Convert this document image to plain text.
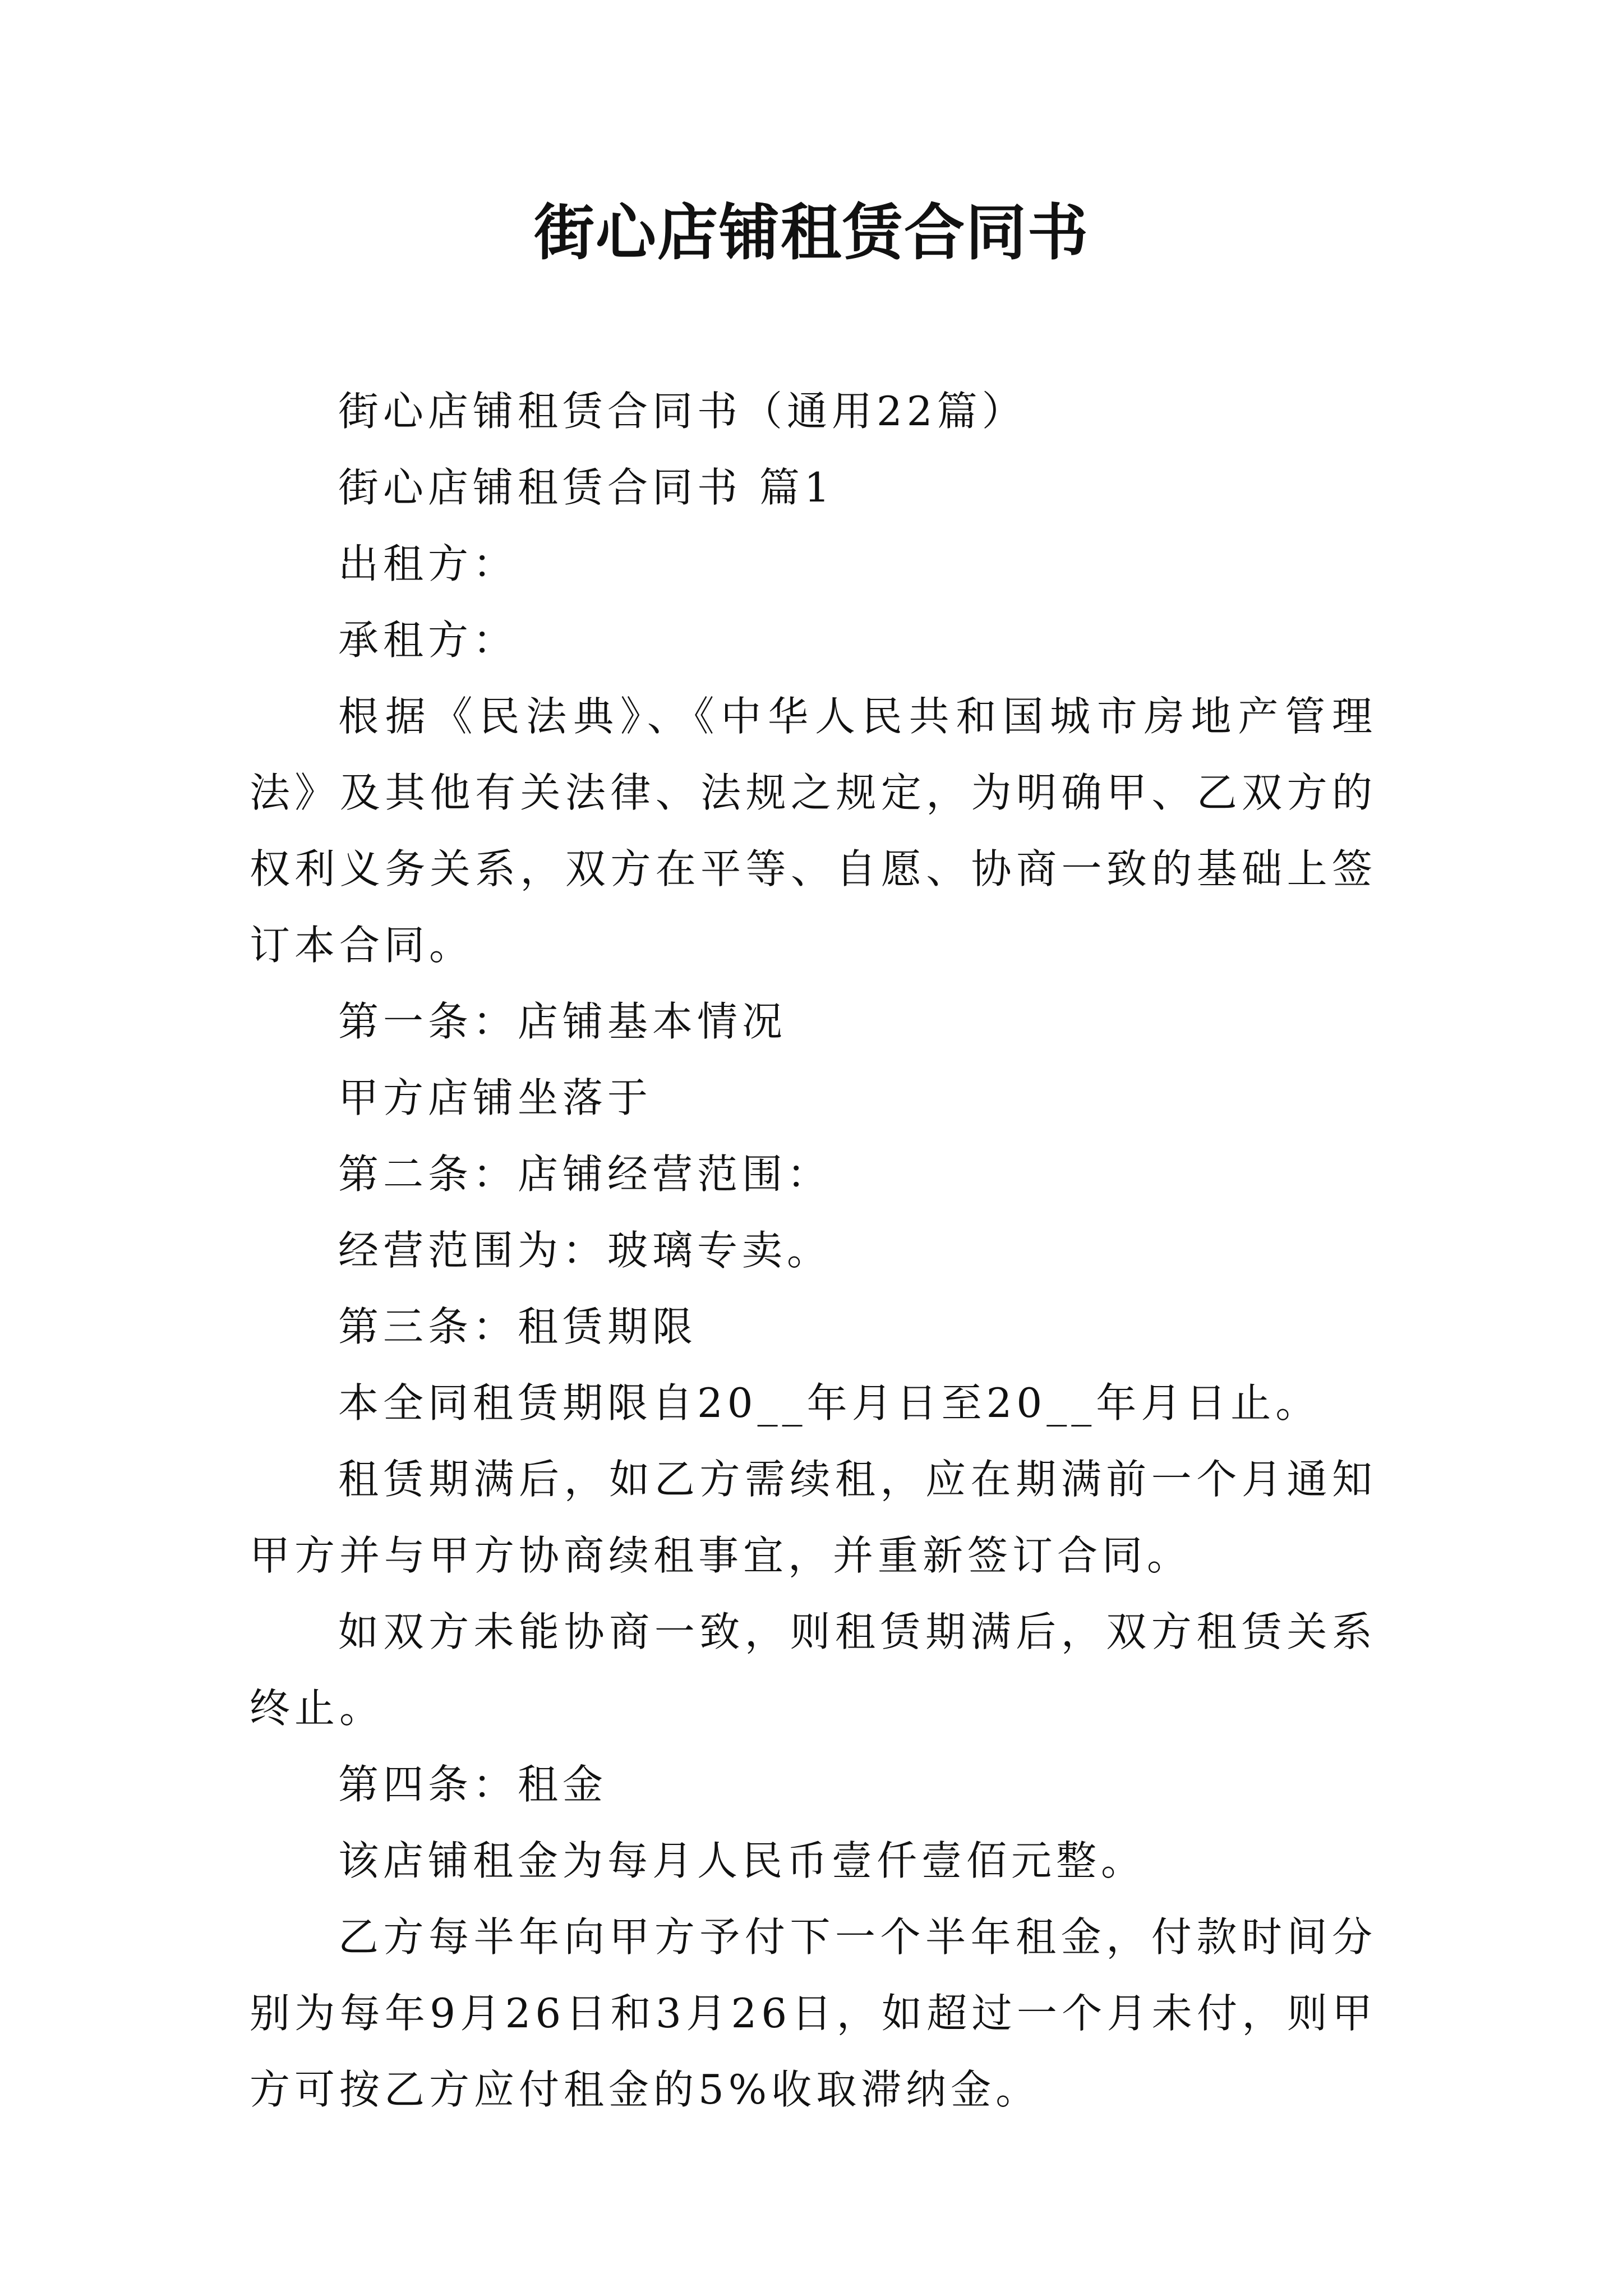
街心店铺租赁合同书

街心店铺租赁合同书（通用22篇）

街心店铺租赁合同书 篇1

出租方：

承租方：

根据《民法典》、《中华人民共和国城市房地产管理法》及其他有关法律、法规之规定，为明确甲、乙双方的权利义务关系，双方在平等、自愿、协商一致的基础上签订本合同。

第一条：店铺基本情况

甲方店铺坐落于

第二条：店铺经营范围：

经营范围为：玻璃专卖。

第三条：租赁期限

本全同租赁期限自20__年月日至20__年月日止。

租赁期满后，如乙方需续租，应在期满前一个月通知甲方并与甲方协商续租事宜，并重新签订合同。

如双方未能协商一致，则租赁期满后，双方租赁关系终止。

第四条：租金

该店铺租金为每月人民币壹仟壹佰元整。

乙方每半年向甲方予付下一个半年租金，付款时间分别为每年9月26日和3月26日，如超过一个月未付，则甲方可按乙方应付租金的5%收取滞纳金。
